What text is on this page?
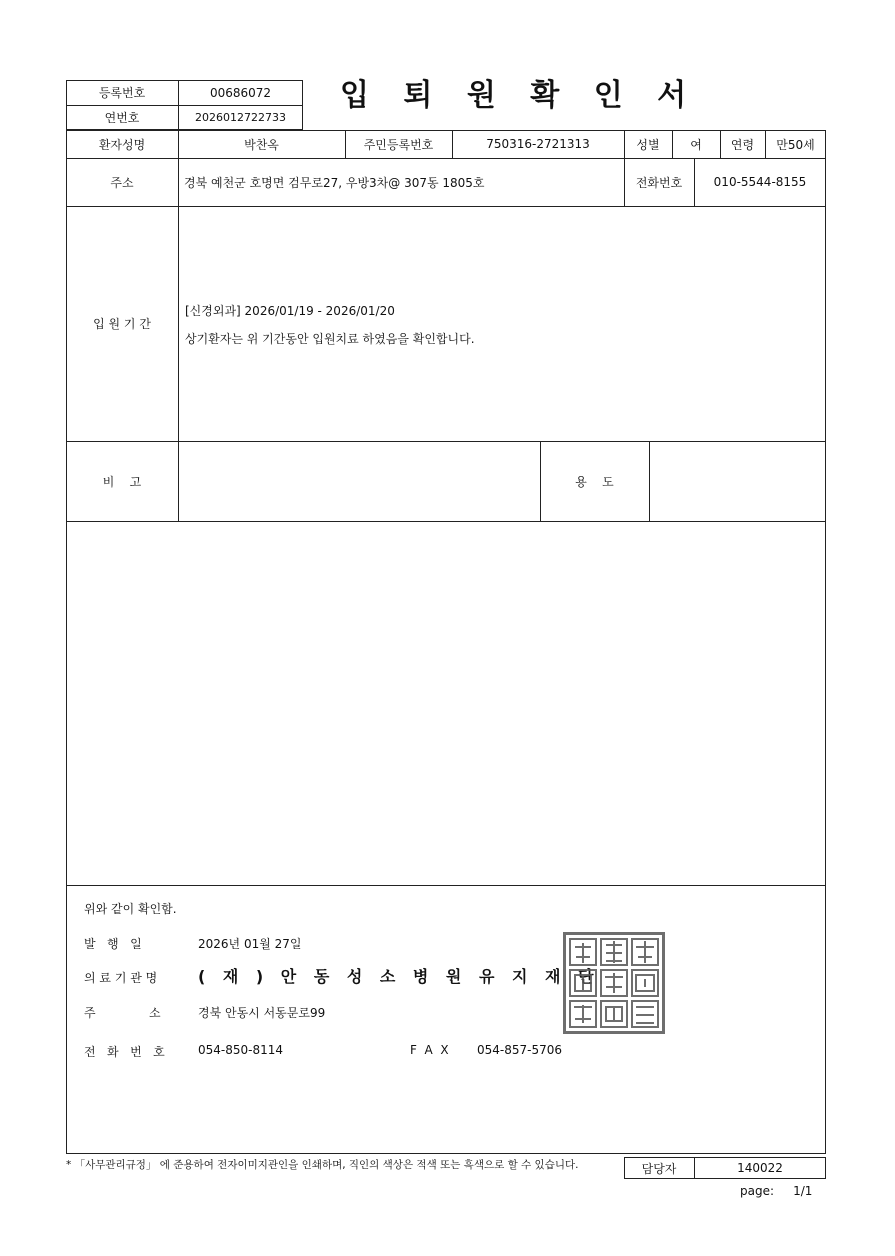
등록번호	00686072
연번호	2026012722733
입 퇴 원 확 인 서
환자성명	박찬옥	주민등록번호	750316-2721313	성별	여	연령	만50세
주소	경북 예천군 호명면 검무로27, 우방3차@ 307동 1805호	전화번호	010-5544-8155
입 원 기 간
[신경외과] 2026/01/19 - 2026/01/20
상기환자는 위 기간동안 입원치료 하였음을 확인합니다.
비    고	용    도
위와 같이 확인함.
발   행   일	2026년 01월 27일
의 료 기 관 명	( 재 ) 안 동 성 소 병 원 유 지 재 단
주              소	경북 안동시 서동문로99
전   화   번   호	054-850-8114	F  A  X 054-857-5706
* 「사무관리규정」 에 준용하여 전자이미지관인을 인쇄하며, 직인의 색상은 적색 또는 흑색으로 할 수 있습니다.	담당자	140022
page:     1/1
